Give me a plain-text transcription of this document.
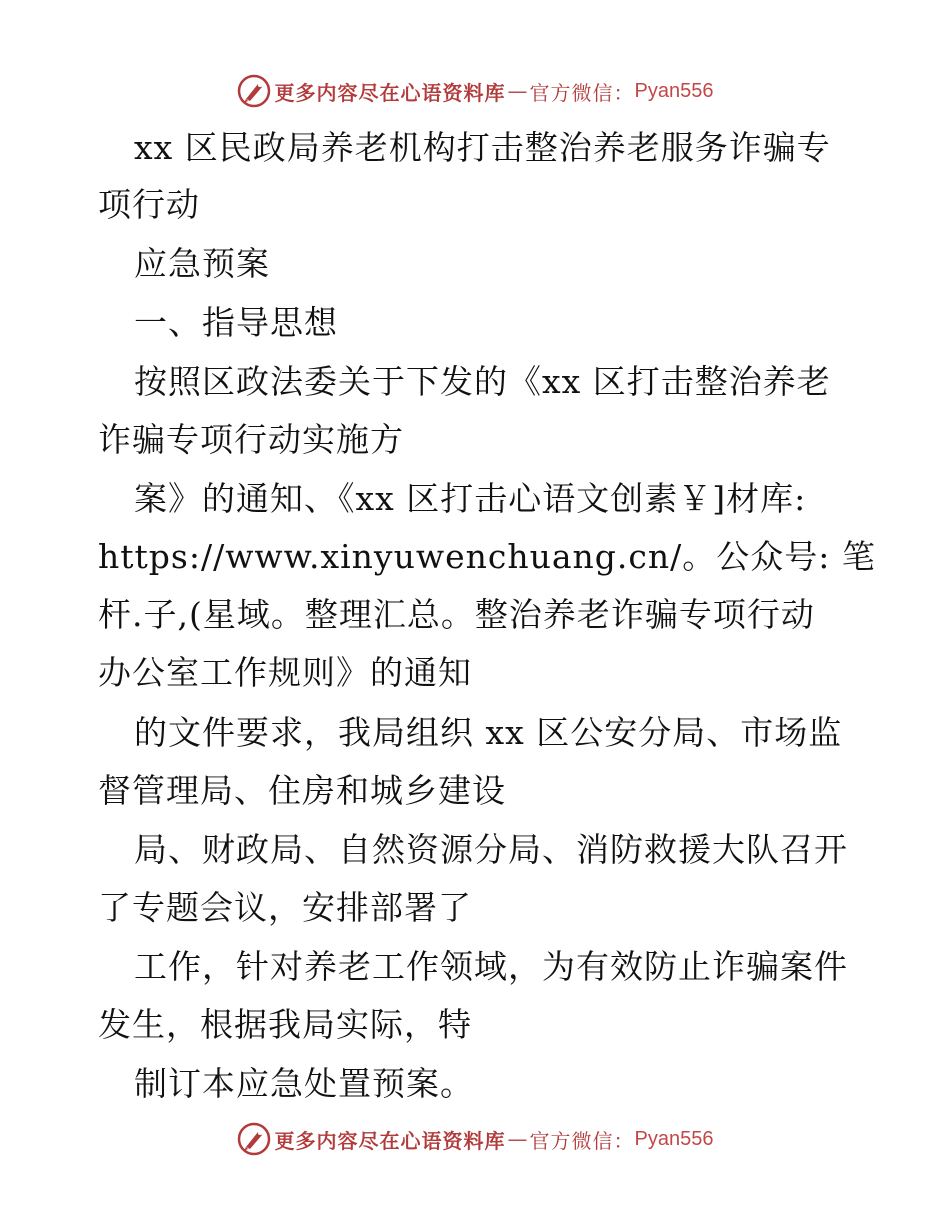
更多内容尽在心语资料库 — 官方微信： Pyan556
xx 区民政局养老机构打击整治养老服务诈骗专
项行动
应急预案
一、指导思想
按照区政法委关于下发的《xx 区打击整治养老
诈骗专项行动实施方
案》的通知、《xx 区打击心语文创素￥]材库:
https://www.xinyuwenchuang.cn/。公众号: 笔
杆.子,(星域。整理汇总。整治养老诈骗专项行动
办公室工作规则》的通知
的文件要求，我局组织 xx 区公安分局、市场监
督管理局、住房和城乡建设
局、财政局、自然资源分局、消防救援大队召开
了专题会议，安排部署了
工作，针对养老工作领域，为有效防止诈骗案件
发生，根据我局实际，特
制订本应急处置预案。
更多内容尽在心语资料库 — 官方微信： Pyan556
